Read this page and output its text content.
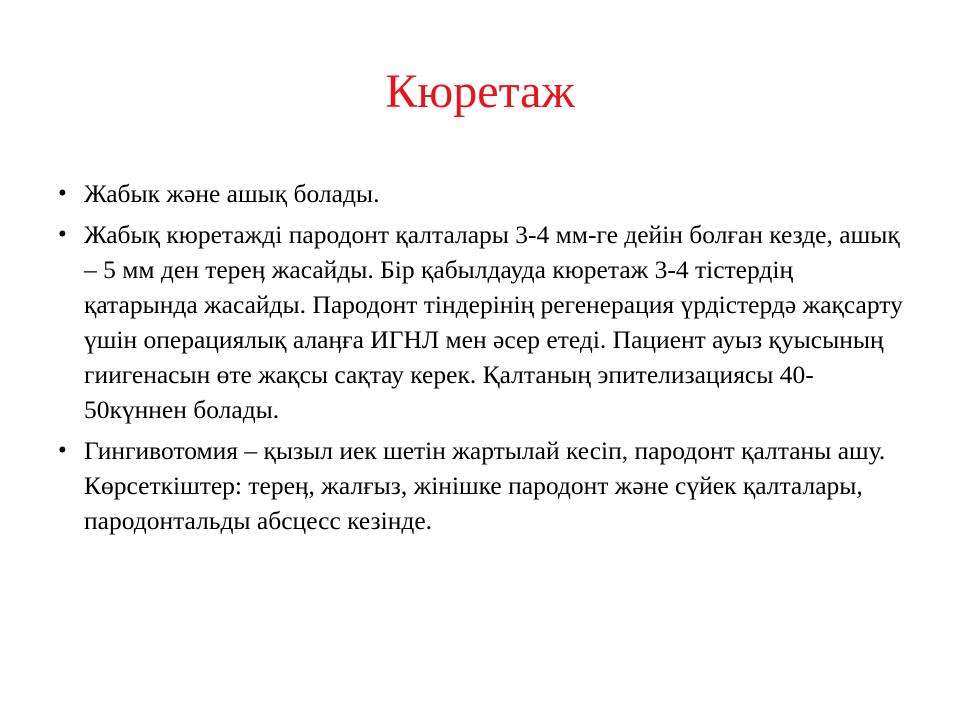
Кюретаж
• Жабык және ашық болады.
• Жабық кюретажді пародонт қалталары 3-4 мм-ге дейін болған кезде, ашық – 5 мм ден тереӊ жасайды. Бір қабылдауда кюретаж 3-4 тістердің қатарында жасайды. Пародонт тіндерінің регенерация үрдістердә жақсарту үшін операциялық алаӊға ИГНЛ мен әсер етеді. Пациент ауыз қуысының гиигенасын өте жақсы сақтау керек. Қалтаның эпителизациясы 40-50күннен болады.
• Гингивотомия – қызыл иек шетін жартылай кесіп, пародонт қалтаны ашу. Көрсеткіштер: тереӊ, жалғыз, жінішке пародонт және сүйек қалталары, пародонтальды абсцесс кезінде.
